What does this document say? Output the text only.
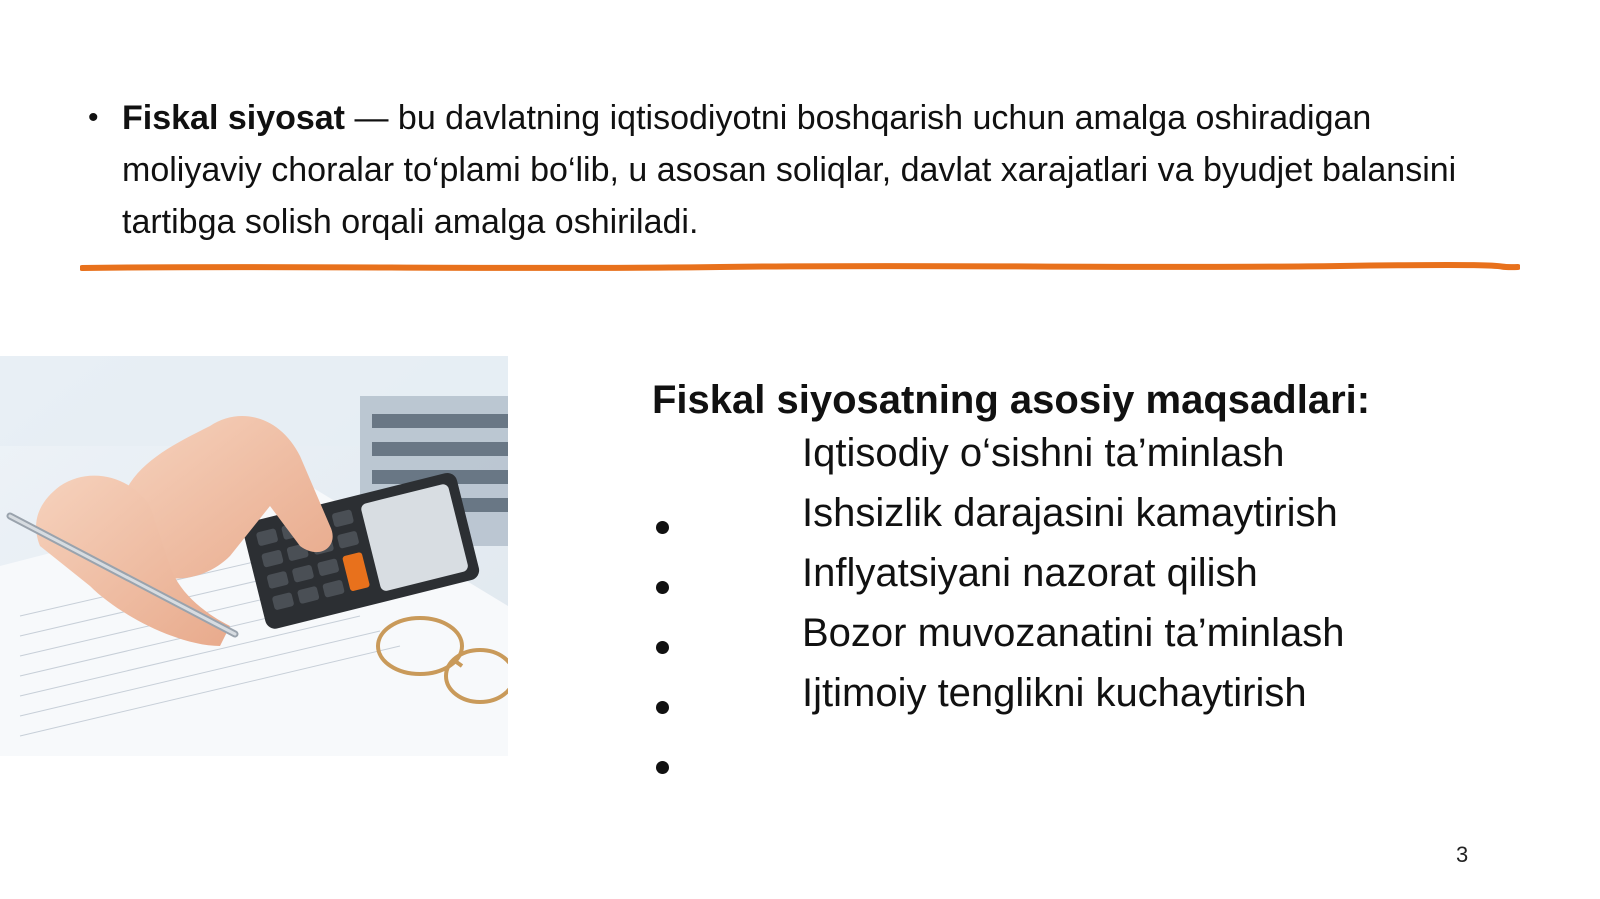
• Fiskal siyosat — bu davlatning iqtisodiyotni boshqarish uchun amalga oshiradigan moliyaviy choralar to‘plami bo‘lib, u asosan soliqlar, davlat xarajatlari va byudjet balansini tartibga solish orqali amalga oshiriladi.
Fiskal siyosatning asosiy maqsadlari:
Iqtisodiy o‘sishni ta’minlash
Ishsizlik darajasini kamaytirish
Inflyatsiyani nazorat qilish
Bozor muvozanatini ta’minlash
Ijtimoiy tenglikni kuchaytirish
3
